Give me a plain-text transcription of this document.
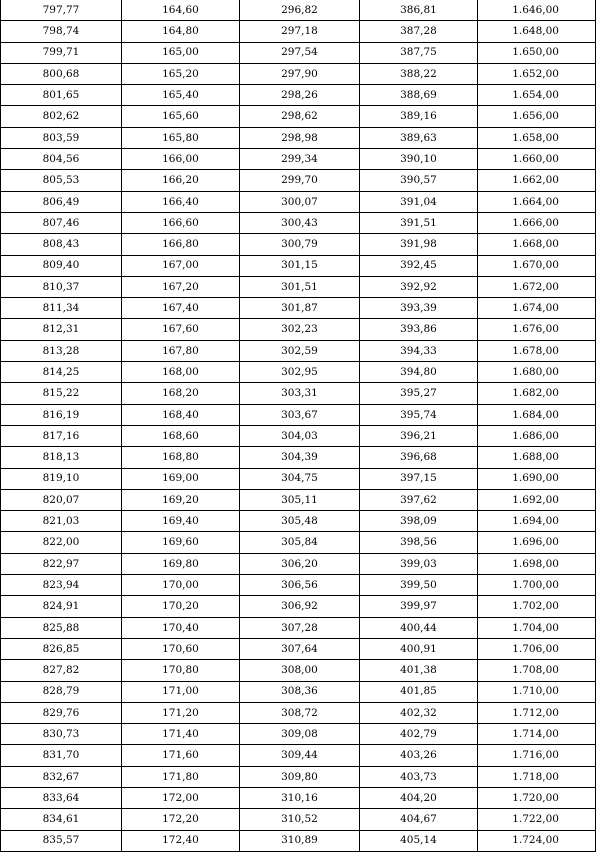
797,77	164,60	296,82	386,81	1.646,00
798,74	164,80	297,18	387,28	1.648,00
799,71	165,00	297,54	387,75	1.650,00
800,68	165,20	297,90	388,22	1.652,00
801,65	165,40	298,26	388,69	1.654,00
802,62	165,60	298,62	389,16	1.656,00
803,59	165,80	298,98	389,63	1.658,00
804,56	166,00	299,34	390,10	1.660,00
805,53	166,20	299,70	390,57	1.662,00
806,49	166,40	300,07	391,04	1.664,00
807,46	166,60	300,43	391,51	1.666,00
808,43	166,80	300,79	391,98	1.668,00
809,40	167,00	301,15	392,45	1.670,00
810,37	167,20	301,51	392,92	1.672,00
811,34	167,40	301,87	393,39	1.674,00
812,31	167,60	302,23	393,86	1.676,00
813,28	167,80	302,59	394,33	1.678,00
814,25	168,00	302,95	394,80	1.680,00
815,22	168,20	303,31	395,27	1.682,00
816,19	168,40	303,67	395,74	1.684,00
817,16	168,60	304,03	396,21	1.686,00
818,13	168,80	304,39	396,68	1.688,00
819,10	169,00	304,75	397,15	1.690,00
820,07	169,20	305,11	397,62	1.692,00
821,03	169,40	305,48	398,09	1.694,00
822,00	169,60	305,84	398,56	1.696,00
822,97	169,80	306,20	399,03	1.698,00
823,94	170,00	306,56	399,50	1.700,00
824,91	170,20	306,92	399,97	1.702,00
825,88	170,40	307,28	400,44	1.704,00
826,85	170,60	307,64	400,91	1.706,00
827,82	170,80	308,00	401,38	1.708,00
828,79	171,00	308,36	401,85	1.710,00
829,76	171,20	308,72	402,32	1.712,00
830,73	171,40	309,08	402,79	1.714,00
831,70	171,60	309,44	403,26	1.716,00
832,67	171,80	309,80	403,73	1.718,00
833,64	172,00	310,16	404,20	1.720,00
834,61	172,20	310,52	404,67	1.722,00
835,57	172,40	310,89	405,14	1.724,00
